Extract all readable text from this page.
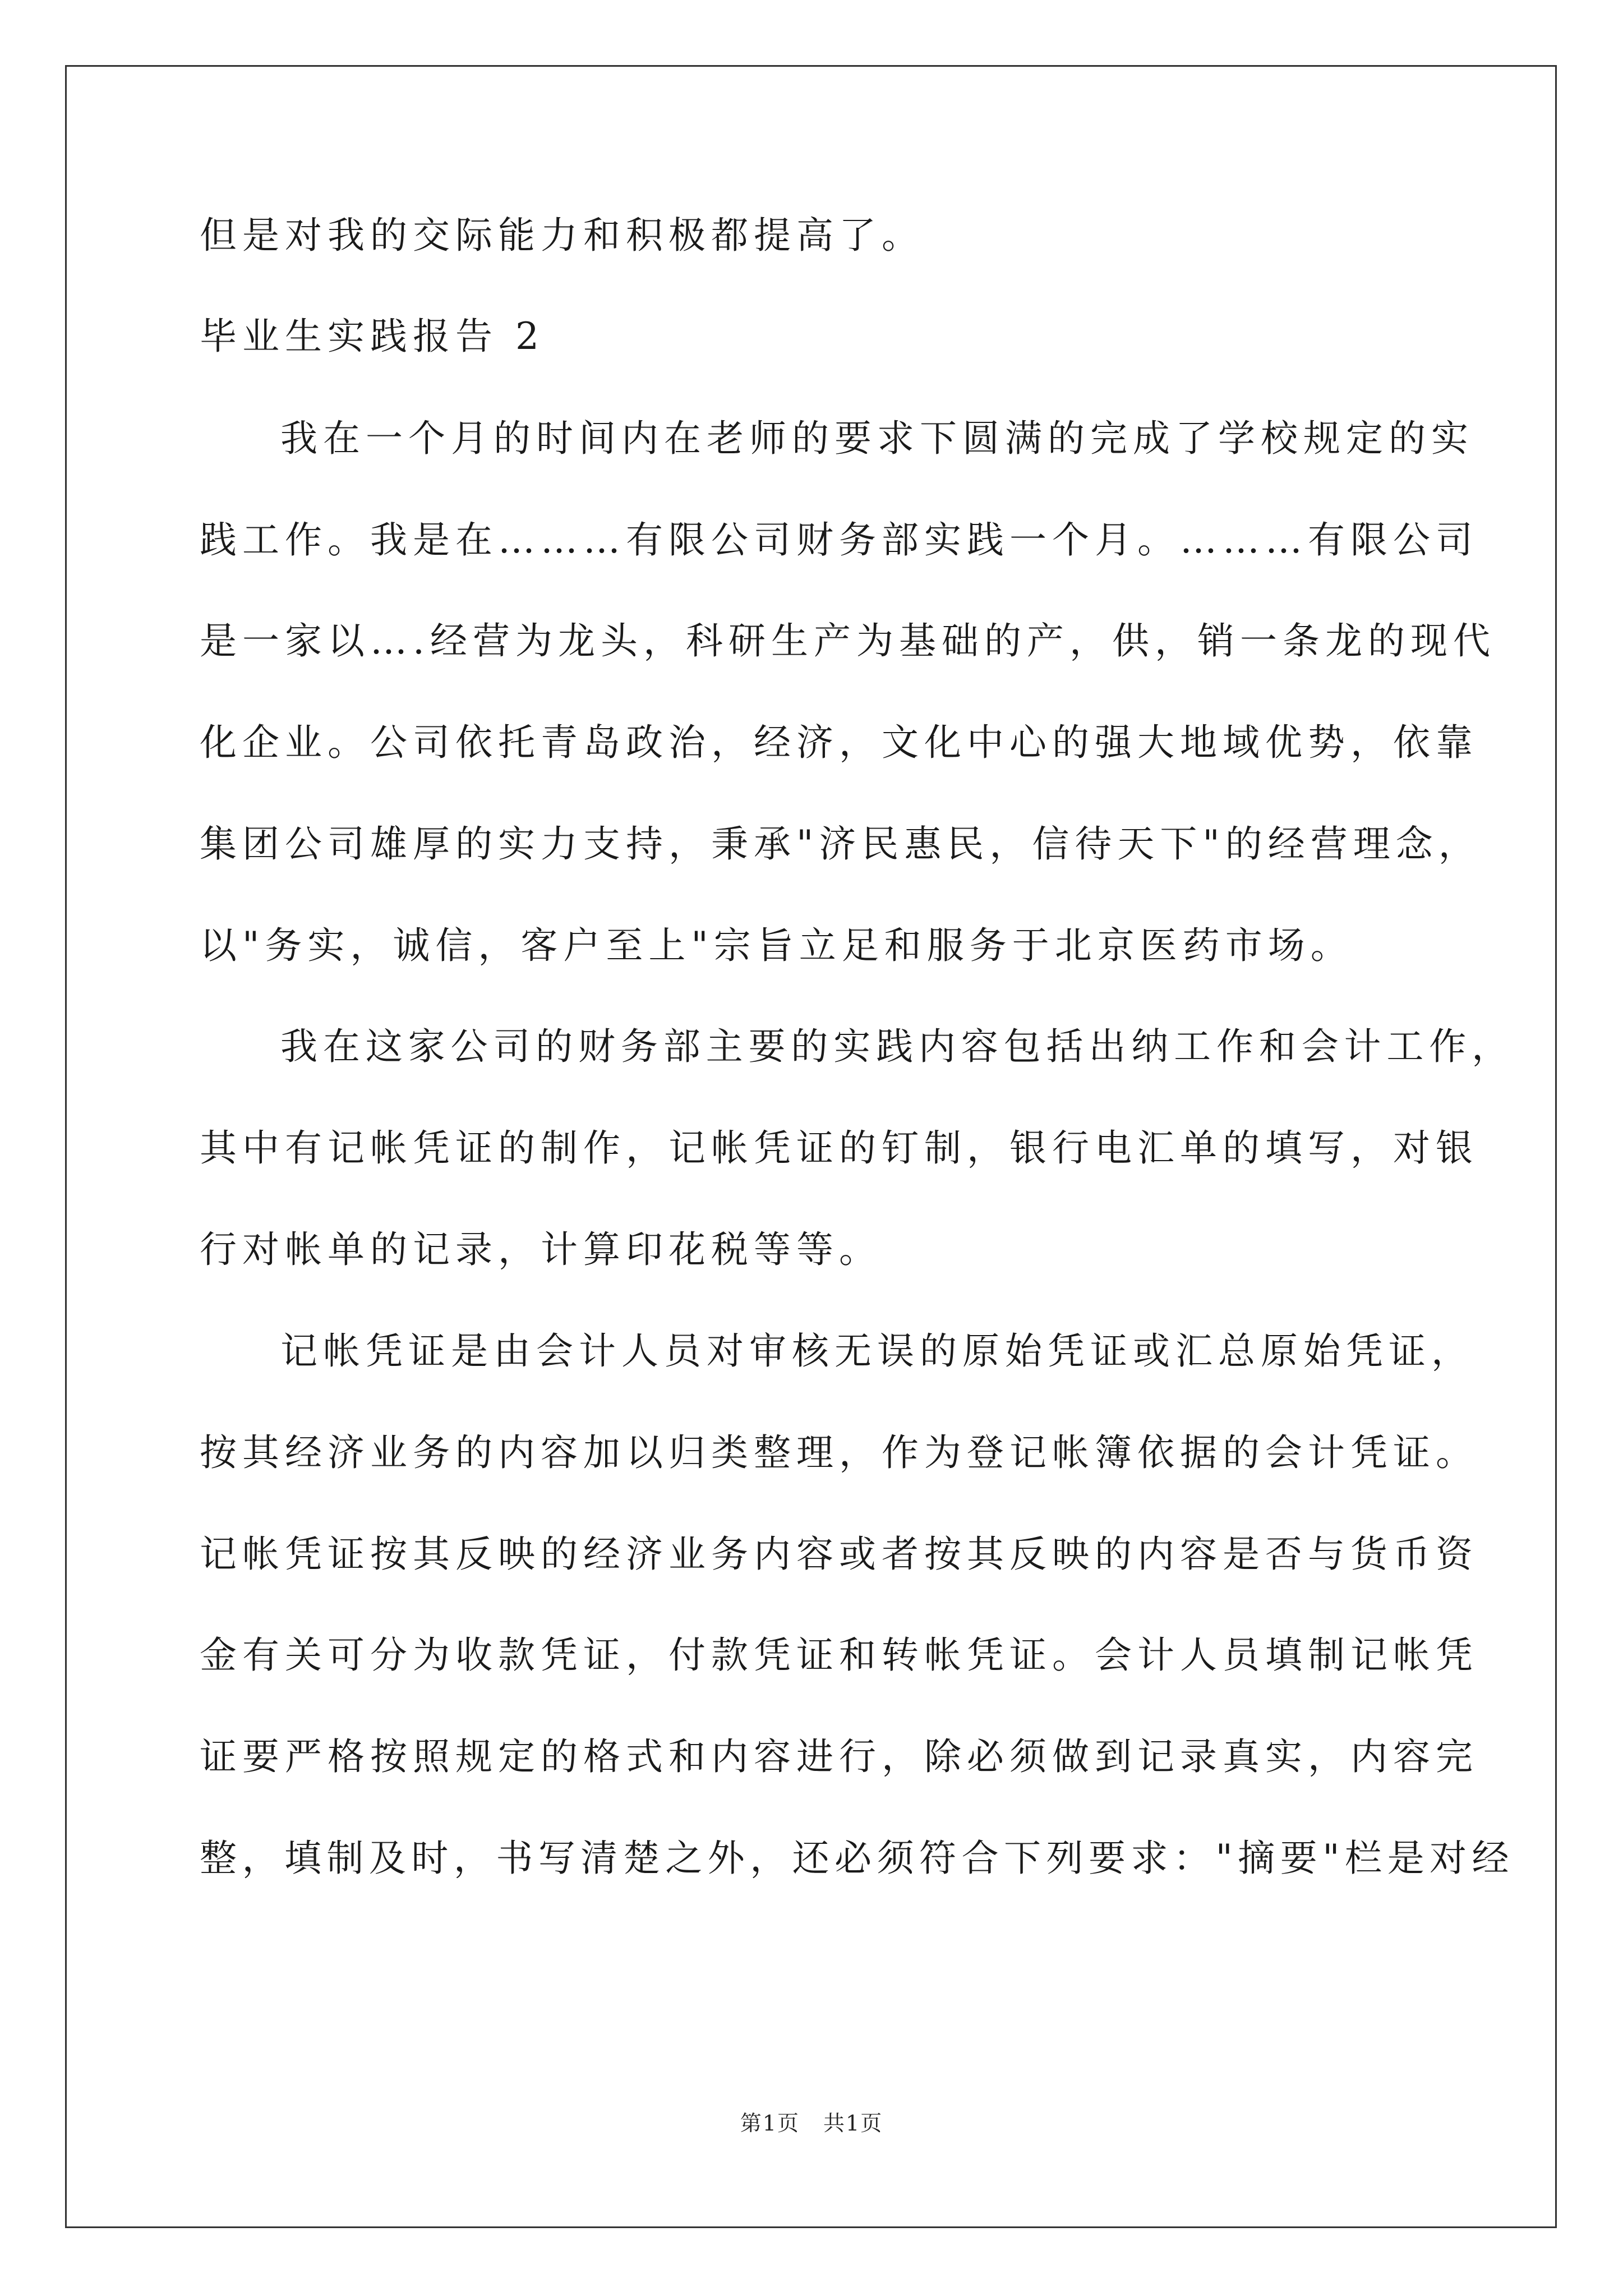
但是对我的交际能力和积极都提高了。
毕业生实践报告 2
我在一个月的时间内在老师的要求下圆满的完成了学校规定的实
践工作。我是在………有限公司财务部实践一个月。………有限公司
是一家以….经营为龙头，科研生产为基础的产，供，销一条龙的现代
化企业。公司依托青岛政治，经济，文化中心的强大地域优势，依靠
集团公司雄厚的实力支持，秉承"济民惠民，信待天下"的经营理念，
以"务实，诚信，客户至上"宗旨立足和服务于北京医药市场。
我在这家公司的财务部主要的实践内容包括出纳工作和会计工作，
其中有记帐凭证的制作，记帐凭证的钉制，银行电汇单的填写，对银
行对帐单的记录，计算印花税等等。
记帐凭证是由会计人员对审核无误的原始凭证或汇总原始凭证，
按其经济业务的内容加以归类整理，作为登记帐簿依据的会计凭证。
记帐凭证按其反映的经济业务内容或者按其反映的内容是否与货币资
金有关可分为收款凭证，付款凭证和转帐凭证。会计人员填制记帐凭
证要严格按照规定的格式和内容进行，除必须做到记录真实，内容完
整，填制及时，书写清楚之外，还必须符合下列要求："摘要"栏是对经
第1页 共1页
